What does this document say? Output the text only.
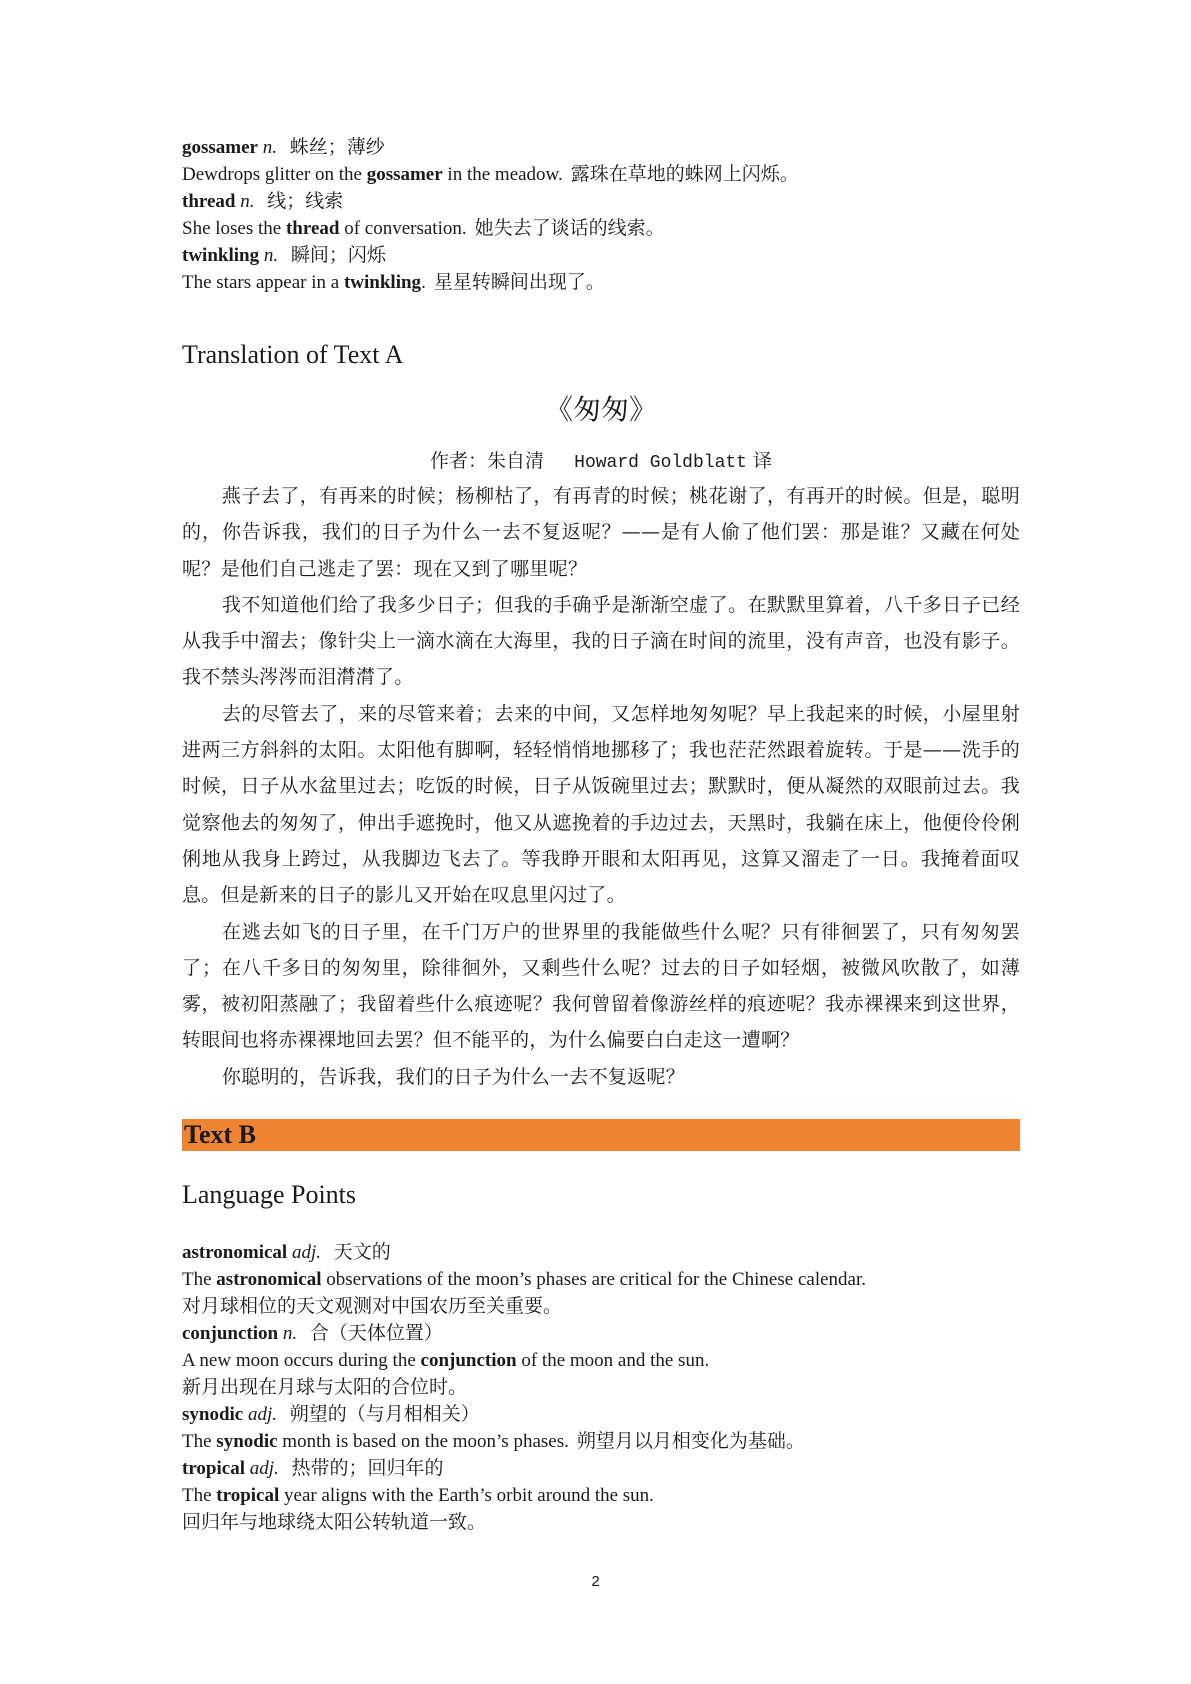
gossamer n. 蛛丝；薄纱
Dewdrops glitter on the gossamer in the meadow. 露珠在草地的蛛网上闪烁。
thread n. 线；线索
She loses the thread of conversation. 她失去了谈话的线索。
twinkling n. 瞬间；闪烁
The stars appear in a twinkling. 星星转瞬间出现了。
Translation of Text A
《匆匆》
作者：朱自清 Howard Goldblatt 译

燕子去了，有再来的时候；杨柳枯了，有再青的时候；桃花谢了，有再开的时候。但是，聪明的，你告诉我，我们的日子为什么一去不复返呢？——是有人偷了他们罢：那是谁？又藏在何处呢？是他们自己逃走了罢：现在又到了哪里呢？

我不知道他们给了我多少日子；但我的手确乎是渐渐空虚了。在默默里算着，八千多日子已经从我手中溜去；像针尖上一滴水滴在大海里，我的日子滴在时间的流里，没有声音，也没有影子。我不禁头涔涔而泪潸潸了。

去的尽管去了，来的尽管来着；去来的中间，又怎样地匆匆呢？早上我起来的时候，小屋里射进两三方斜斜的太阳。太阳他有脚啊，轻轻悄悄地挪移了；我也茫茫然跟着旋转。于是——洗手的时候，日子从水盆里过去；吃饭的时候，日子从饭碗里过去；默默时，便从凝然的双眼前过去。我觉察他去的匆匆了，伸出手遮挽时，他又从遮挽着的手边过去，天黑时，我躺在床上，他便伶伶俐俐地从我身上跨过，从我脚边飞去了。等我睁开眼和太阳再见，这算又溜走了一日。我掩着面叹息。但是新来的日子的影儿又开始在叹息里闪过了。

在逃去如飞的日子里，在千门万户的世界里的我能做些什么呢？只有徘徊罢了，只有匆匆罢了；在八千多日的匆匆里，除徘徊外，又剩些什么呢？过去的日子如轻烟，被微风吹散了，如薄雾，被初阳蒸融了；我留着些什么痕迹呢？我何曾留着像游丝样的痕迹呢？我赤裸裸来到这世界，转眼间也将赤裸裸地回去罢？但不能平的，为什么偏要白白走这一遭啊？

你聪明的，告诉我，我们的日子为什么一去不复返呢？

Text B
Language Points
astronomical adj. 天文的
The astronomical observations of the moon’s phases are critical for the Chinese calendar.
对月球相位的天文观测对中国农历至关重要。
conjunction n. 合（天体位置）
A new moon occurs during the conjunction of the moon and the sun.
新月出现在月球与太阳的合位时。
synodic adj. 朔望的（与月相相关）
The synodic month is based on the moon’s phases. 朔望月以月相变化为基础。
tropical adj. 热带的；回归年的
The tropical year aligns with the Earth’s orbit around the sun.
回归年与地球绕太阳公转轨道一致。
2
